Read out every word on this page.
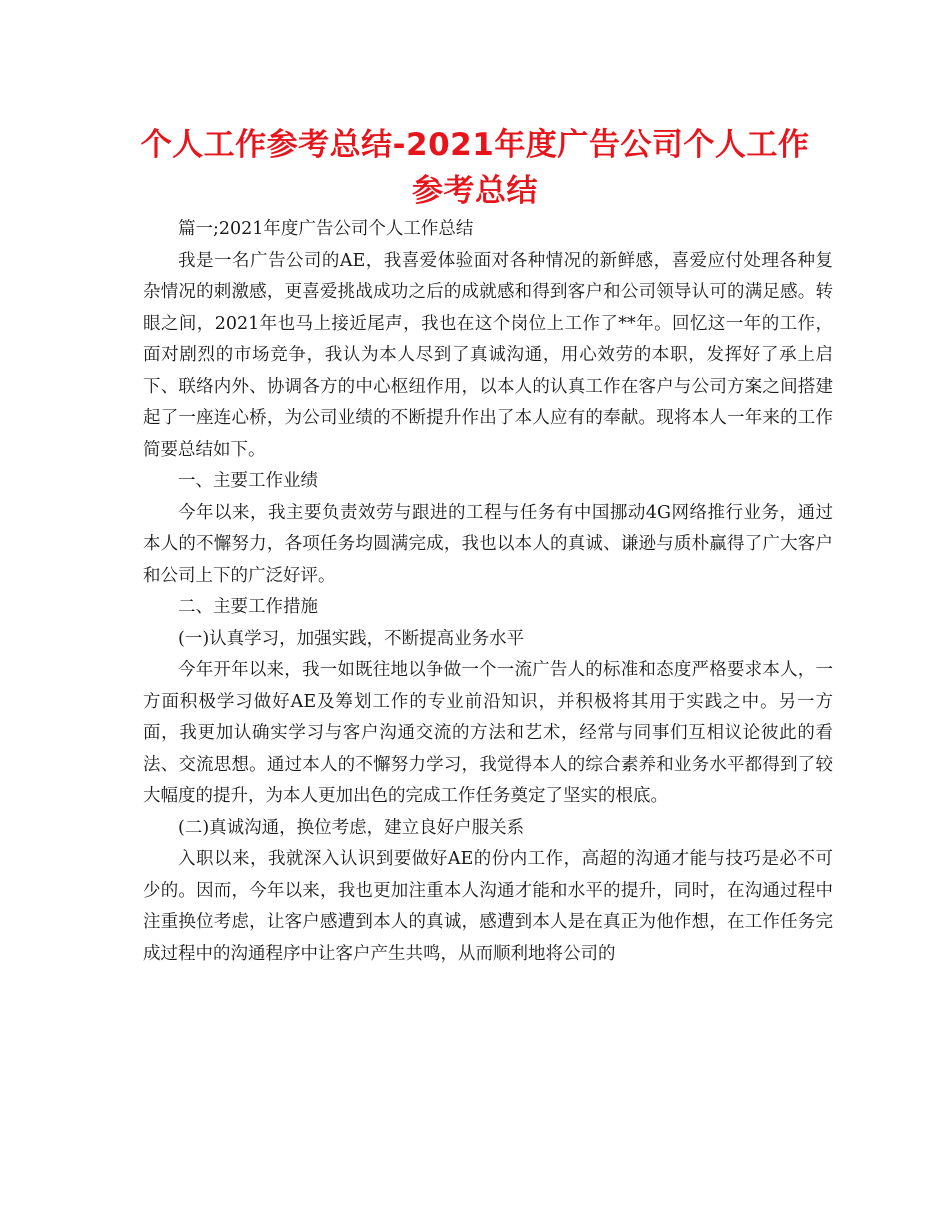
个人工作参考总结-2021年度广告公司个人工作
参考总结

篇一;2021年度广告公司个人工作总结

我是一名广告公司的AE，我喜爱体验面对各种情况的新鲜感，喜爱应付处理各种复杂情况的刺激感，更喜爱挑战成功之后的成就感和得到客户和公司领导认可的满足感。转眼之间，2021年也马上接近尾声，我也在这个岗位上工作了**年。回忆这一年的工作，面对剧烈的市场竞争，我认为本人尽到了真诚沟通，用心效劳的本职，发挥好了承上启下、联络内外、协调各方的中心枢纽作用，以本人的认真工作在客户与公司方案之间搭建起了一座连心桥，为公司业绩的不断提升作出了本人应有的奉献。现将本人一年来的工作简要总结如下。

一、主要工作业绩

今年以来，我主要负责效劳与跟进的工程与任务有中国挪动4G网络推行业务，通过本人的不懈努力，各项任务均圆满完成，我也以本人的真诚、谦逊与质朴赢得了广大客户和公司上下的广泛好评。

二、主要工作措施

(一)认真学习，加强实践，不断提高业务水平

今年开年以来，我一如既往地以争做一个一流广告人的标准和态度严格要求本人，一方面积极学习做好AE及筹划工作的专业前沿知识，并积极将其用于实践之中。另一方面，我更加认确实学习与客户沟通交流的方法和艺术，经常与同事们互相议论彼此的看法、交流思想。通过本人的不懈努力学习，我觉得本人的综合素养和业务水平都得到了较大幅度的提升，为本人更加出色的完成工作任务奠定了坚实的根底。

(二)真诚沟通，换位考虑，建立良好户服关系

入职以来，我就深入认识到要做好AE的份内工作，高超的沟通才能与技巧是必不可少的。因而，今年以来，我也更加注重本人沟通才能和水平的提升，同时，在沟通过程中注重换位考虑，让客户感遭到本人的真诚，感遭到本人是在真正为他作想，在工作任务完成过程中的沟通程序中让客户产生共鸣，从而顺利地将公司的
